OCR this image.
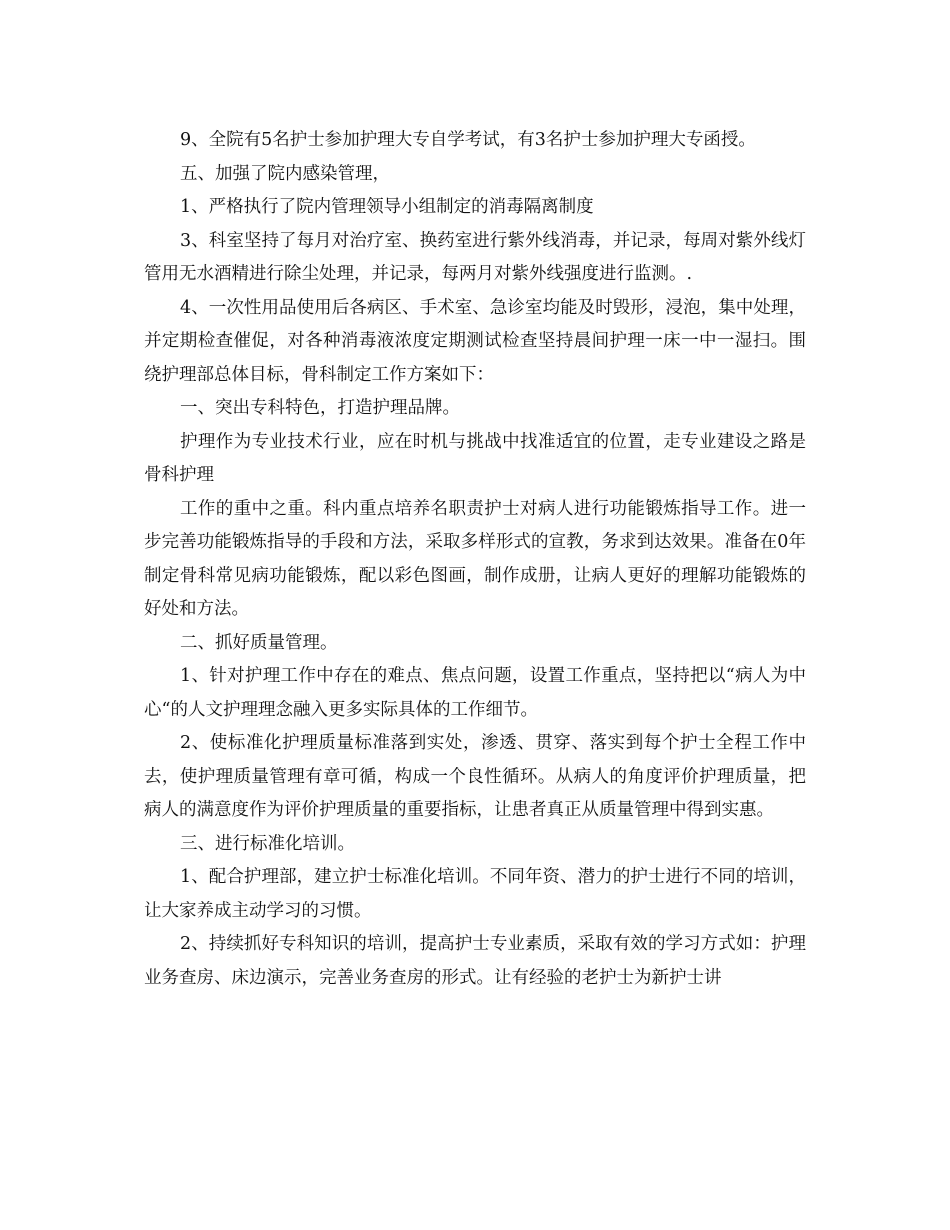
9、全院有5名护士参加护理大专自学考试，有3名护士参加护理大专函授。

五、加强了院内感染管理，

1、严格执行了院内管理领导小组制定的消毒隔离制度

3、科室坚持了每月对治疗室、换药室进行紫外线消毒，并记录，每周对紫外线灯管用无水酒精进行除尘处理，并记录，每两月对紫外线强度进行监测。.

4、一次性用品使用后各病区、手术室、急诊室均能及时毁形，浸泡，集中处理，并定期检查催促，对各种消毒液浓度定期测试检查坚持晨间护理一床一中一湿扫。围绕护理部总体目标，骨科制定工作方案如下：

一、突出专科特色，打造护理品牌。

护理作为专业技术行业，应在时机与挑战中找准适宜的位置，走专业建设之路是骨科护理

工作的重中之重。科内重点培养名职责护士对病人进行功能锻炼指导工作。进一步完善功能锻炼指导的手段和方法，采取多样形式的宣教，务求到达效果。准备在0年制定骨科常见病功能锻炼，配以彩色图画，制作成册，让病人更好的理解功能锻炼的好处和方法。

二、抓好质量管理。

1、针对护理工作中存在的难点、焦点问题，设置工作重点，坚持把以“病人为中心“的人文护理理念融入更多实际具体的工作细节。

2、使标准化护理质量标准落到实处，渗透、贯穿、落实到每个护士全程工作中去，使护理质量管理有章可循，构成一个良性循环。从病人的角度评价护理质量，把病人的满意度作为评价护理质量的重要指标，让患者真正从质量管理中得到实惠。

三、进行标准化培训。

1、配合护理部，建立护士标准化培训。不同年资、潜力的护士进行不同的培训，让大家养成主动学习的习惯。

2、持续抓好专科知识的培训，提高护士专业素质，采取有效的学习方式如：护理业务查房、床边演示，完善业务查房的形式。让有经验的老护士为新护士讲
